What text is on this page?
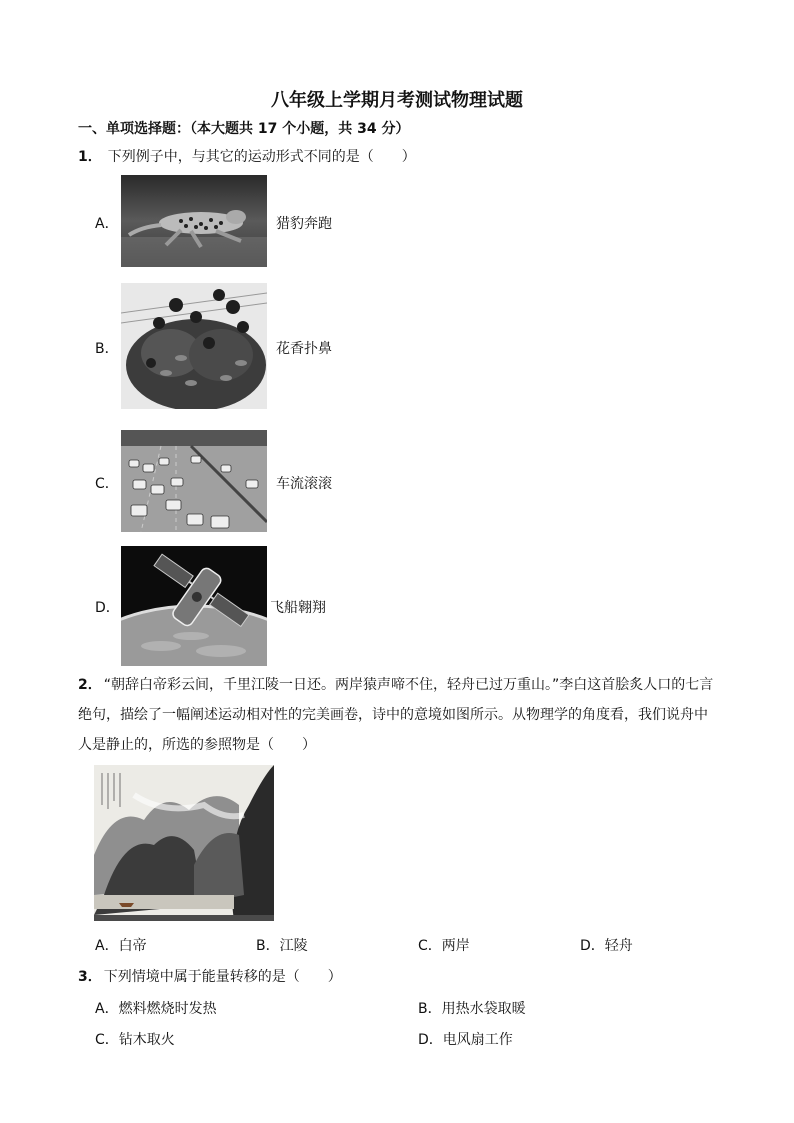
八年级上学期月考测试物理试题
一、单项选择题：（本大题共 17 个小题，共 34 分）
1． 下列例子中，与其它的运动形式不同的是（　　）
A．	猎豹奔跑
B．	花香扑鼻
C．	车流滚滚
D．	飞船翱翔
2． “朝辞白帝彩云间，千里江陵一日还。两岸猿声啼不住，轻舟已过万重山。”李白这首脍炙人口的七言
绝句，描绘了一幅阐述运动相对性的完美画卷，诗中的意境如图所示。从物理学的角度看，我们说舟中
人是静止的，所选的参照物是（　　）
A．白帝	B．江陵	C．两岸	D．轻舟
3． 下列情境中属于能量转移的是（　　）
A．燃料燃烧时发热	B．用热水袋取暖
C．钻木取火	D．电风扇工作
